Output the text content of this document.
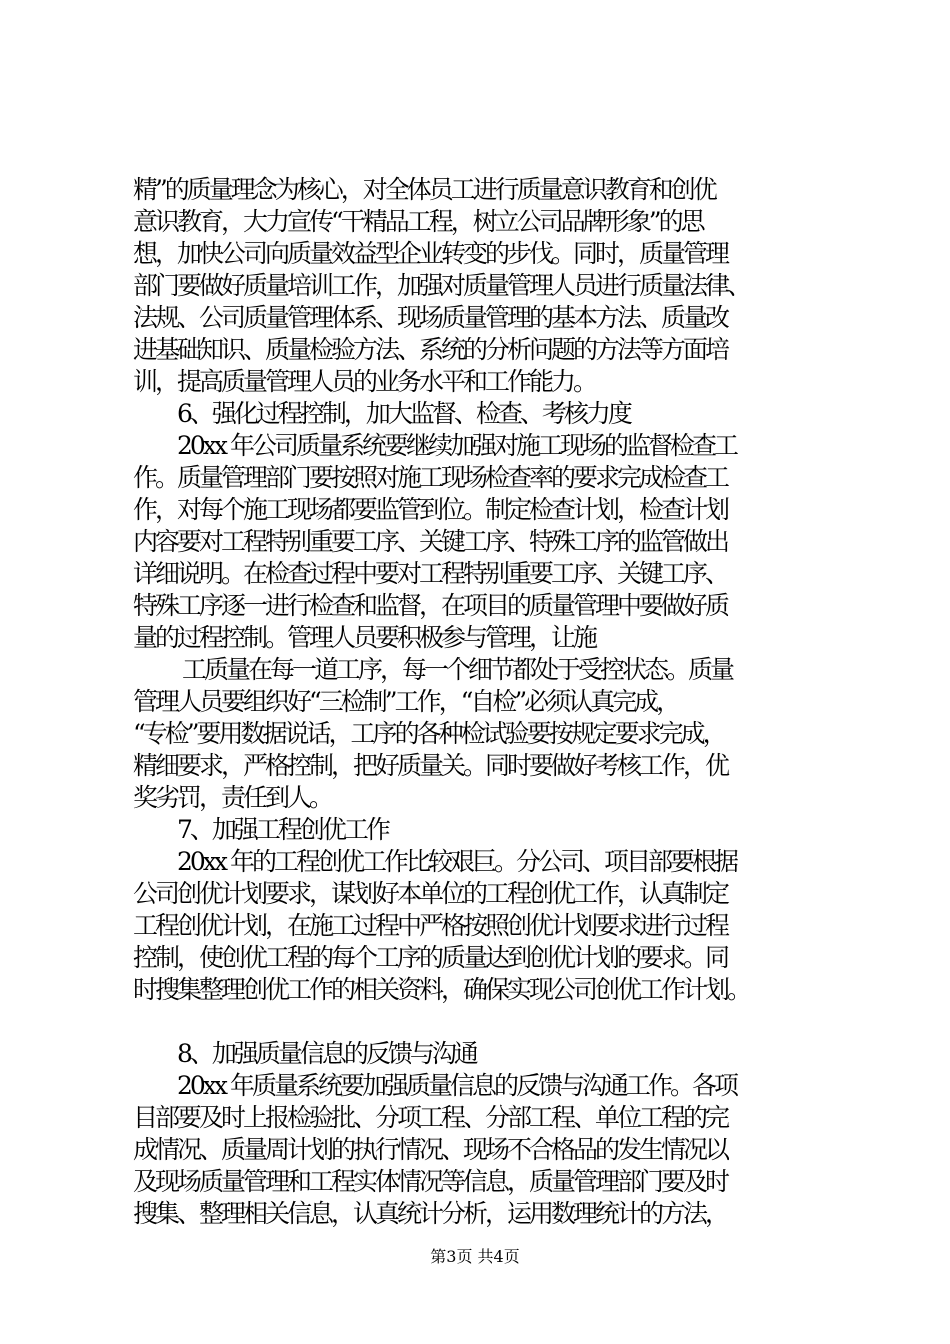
精”的质量理念为核心，对全体员工进行质量意识教育和创优
意识教育，大力宣传“干精品工程，树立公司品牌形象”的思
想，加快公司向质量效益型企业转变的步伐。同时，质量管理
部门要做好质量培训工作，加强对质量管理人员进行质量法律、
法规、公司质量管理体系、现场质量管理的基本方法、质量改
进基础知识、质量检验方法、系统的分析问题的方法等方面培
训，提高质量管理人员的业务水平和工作能力。
6、强化过程控制，加大监督、检查、考核力度
20xx 年公司质量系统要继续加强对施工现场的监督检查工
作。质量管理部门要按照对施工现场检查率的要求完成检查工
作，对每个施工现场都要监管到位。制定检查计划，检查计划
内容要对工程特别重要工序、关键工序、特殊工序的监管做出
详细说明。在检查过程中要对工程特别重要工序、关键工序、
特殊工序逐一进行检查和监督，在项目的质量管理中要做好质
量的过程控制。管理人员要积极参与管理，让施
工质量在每一道工序，每一个细节都处于受控状态。质量
管理人员要组织好“三检制”工作，“自检”必须认真完成，
“专检”要用数据说话，工序的各种检试验要按规定要求完成，
精细要求，严格控制，把好质量关。同时要做好考核工作，优
奖劣罚，责任到人。
7、加强工程创优工作
20xx 年的工程创优工作比较艰巨。分公司、项目部要根据
公司创优计划要求，谋划好本单位的工程创优工作，认真制定
工程创优计划，在施工过程中严格按照创优计划要求进行过程
控制，使创优工程的每个工序的质量达到创优计划的要求。同
时搜集整理创优工作的相关资料，确保实现公司创优工作计划。
8、加强质量信息的反馈与沟通
20xx 年质量系统要加强质量信息的反馈与沟通工作。各项
目部要及时上报检验批、分项工程、分部工程、单位工程的完
成情况、质量周计划的执行情况、现场不合格品的发生情况以
及现场质量管理和工程实体情况等信息，质量管理部门要及时
搜集、整理相关信息，认真统计分析，运用数理统计的方法，
第3页 共4页
